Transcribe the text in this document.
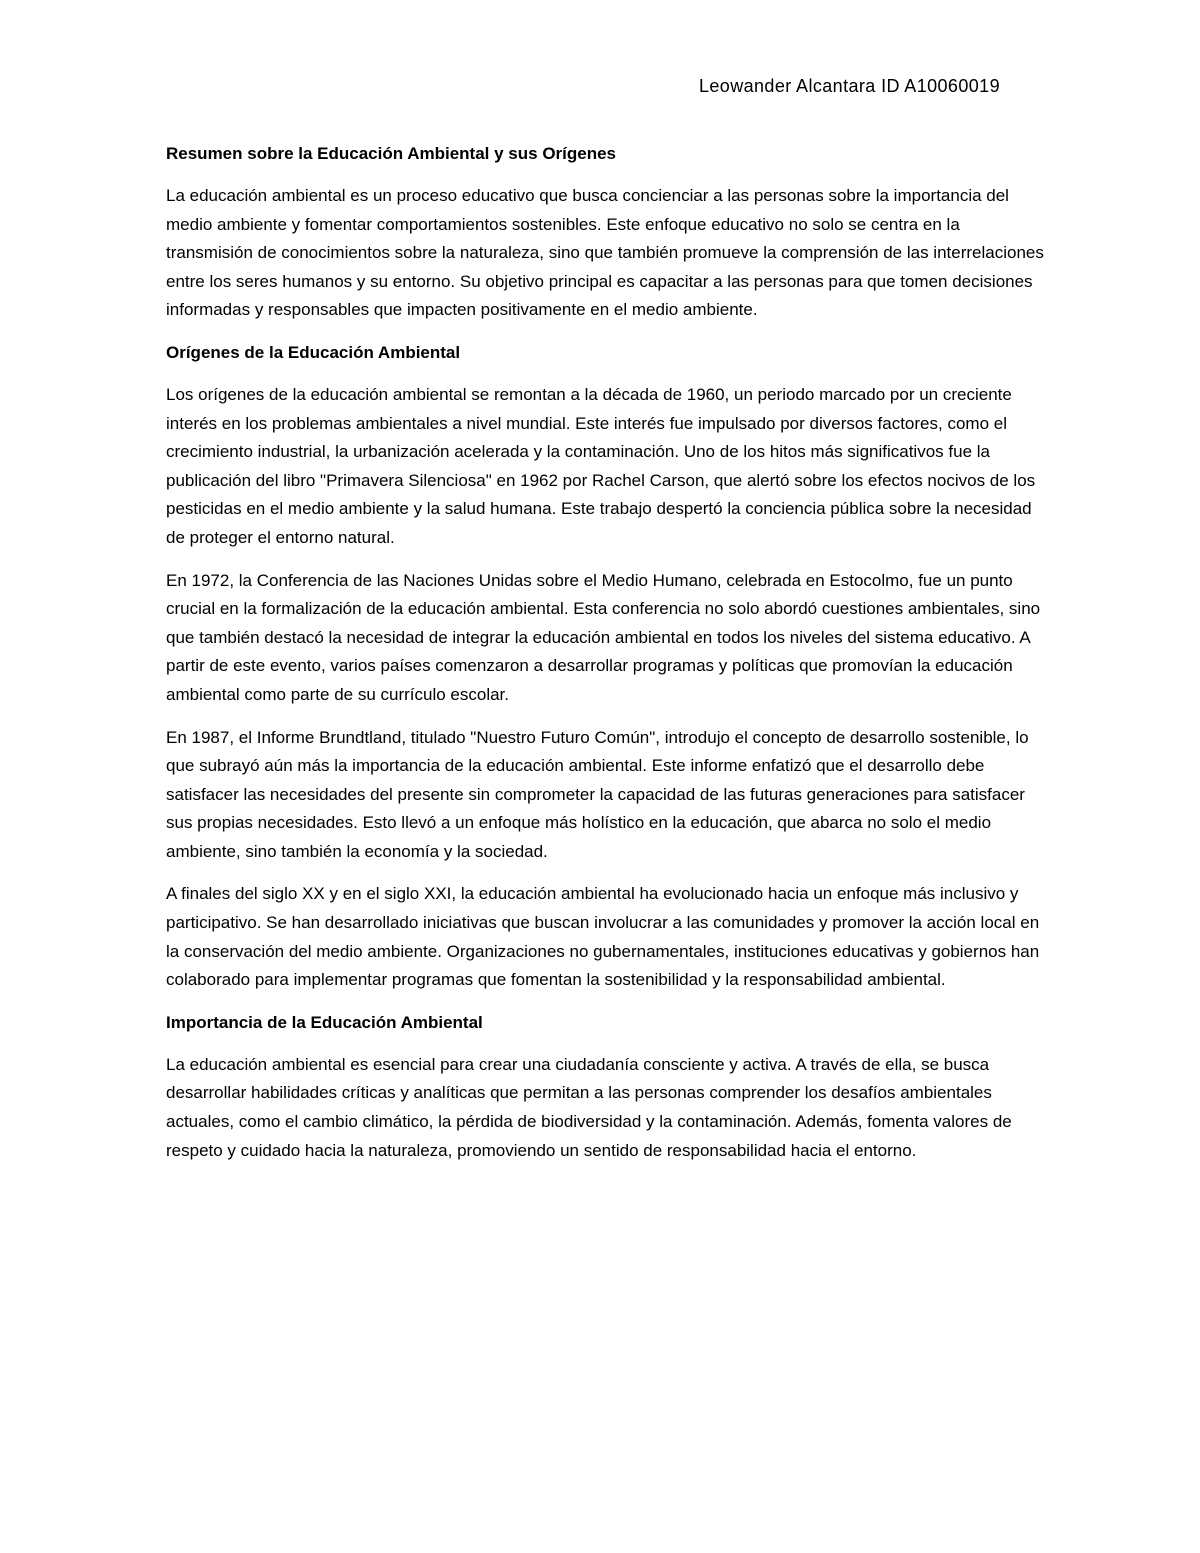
Leowander Alcantara ID A10060019
Resumen sobre la Educación Ambiental y sus Orígenes

La educación ambiental es un proceso educativo que busca concienciar a las personas sobre la importancia del medio ambiente y fomentar comportamientos sostenibles. Este enfoque educativo no solo se centra en la transmisión de conocimientos sobre la naturaleza, sino que también promueve la comprensión de las interrelaciones entre los seres humanos y su entorno. Su objetivo principal es capacitar a las personas para que tomen decisiones informadas y responsables que impacten positivamente en el medio ambiente.

Orígenes de la Educación Ambiental

Los orígenes de la educación ambiental se remontan a la década de 1960, un periodo marcado por un creciente interés en los problemas ambientales a nivel mundial. Este interés fue impulsado por diversos factores, como el crecimiento industrial, la urbanización acelerada y la contaminación. Uno de los hitos más significativos fue la publicación del libro "Primavera Silenciosa" en 1962 por Rachel Carson, que alertó sobre los efectos nocivos de los pesticidas en el medio ambiente y la salud humana. Este trabajo despertó la conciencia pública sobre la necesidad de proteger el entorno natural.

En 1972, la Conferencia de las Naciones Unidas sobre el Medio Humano, celebrada en Estocolmo, fue un punto crucial en la formalización de la educación ambiental. Esta conferencia no solo abordó cuestiones ambientales, sino que también destacó la necesidad de integrar la educación ambiental en todos los niveles del sistema educativo. A partir de este evento, varios países comenzaron a desarrollar programas y políticas que promovían la educación ambiental como parte de su currículo escolar.

En 1987, el Informe Brundtland, titulado "Nuestro Futuro Común", introdujo el concepto de desarrollo sostenible, lo que subrayó aún más la importancia de la educación ambiental. Este informe enfatizó que el desarrollo debe satisfacer las necesidades del presente sin comprometer la capacidad de las futuras generaciones para satisfacer sus propias necesidades. Esto llevó a un enfoque más holístico en la educación, que abarca no solo el medio ambiente, sino también la economía y la sociedad.

A finales del siglo XX y en el siglo XXI, la educación ambiental ha evolucionado hacia un enfoque más inclusivo y participativo. Se han desarrollado iniciativas que buscan involucrar a las comunidades y promover la acción local en la conservación del medio ambiente. Organizaciones no gubernamentales, instituciones educativas y gobiernos han colaborado para implementar programas que fomentan la sostenibilidad y la responsabilidad ambiental.

Importancia de la Educación Ambiental

La educación ambiental es esencial para crear una ciudadanía consciente y activa. A través de ella, se busca desarrollar habilidades críticas y analíticas que permitan a las personas comprender los desafíos ambientales actuales, como el cambio climático, la pérdida de biodiversidad y la contaminación. Además, fomenta valores de respeto y cuidado hacia la naturaleza, promoviendo un sentido de responsabilidad hacia el entorno.
